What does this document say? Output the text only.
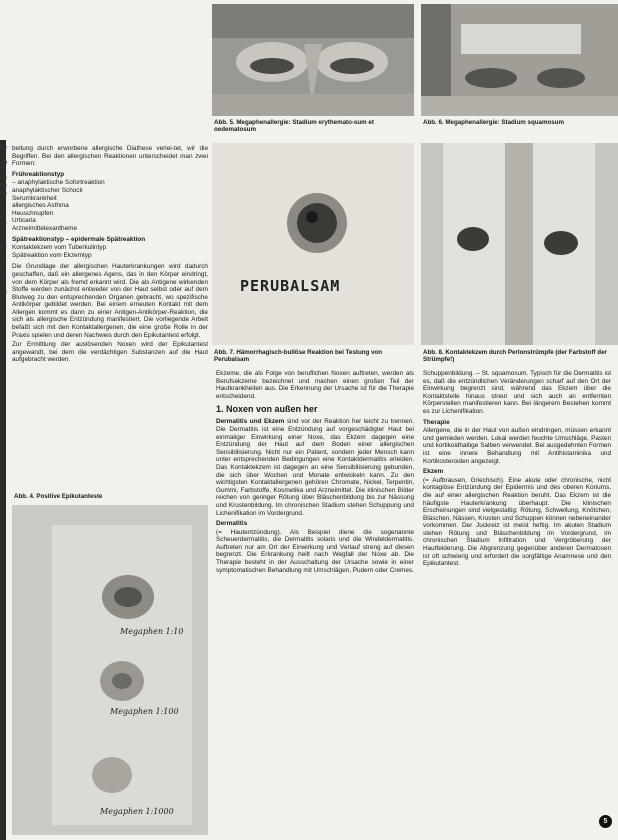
ße
ih
Ab
ie
ha
an
en
r
re
n
he
st
ze
ne
r
ke
n
di
ta
en
s
n
le
ei
Abb. 5. Megaphenallergie: Stadium erythemato-sum et oedematosum
Abb. 6. Megaphenallergie: Stadium squamosum
PERUBALSAM
Abb. 7. Hämorrhagisch-bullöse Reaktion bei Testung von Perubalsam
Abb. 8. Kontaktekzem durch Perlonstrümpfe (der Farbstoff der Strümpfe!)

beitung durch erworbene allergische Diathese verlei-tet, wir die Begriffen. Bei den allergischen Reaktionen unterscheidet man zwei Formen:

Frühreaktionstyp
– anaphylaktische Sofortreaktion
anaphylaktischer Schock
Serumkrankheit
allergisches Asthma
Heuschnupfen
Urticaria
Arzneimittelexantheme
Spätreaktionstyp – epidermale Spätreaktion
Kontaktekzem vom Tuberkulintyp
Spätreaktion vom Ekzemtyp

Die Grundlage der allergischen Hauterkrankungen wird dadurch geschaffen, daß ein allergenes Agens, das in den Körper eindringt, von dem Körper als fremd erkannt wird. Die als Antigene wirkenden Stoffe werden zunächst entweder von der Haut selbst oder auf dem Blutweg zu den entsprechenden Organen gebracht, wo spezifische Antikörper gebildet werden. Bei einem erneuten Kontakt mit dem Allergen kommt es dann zu einer Antigen-Antikörper-Reaktion, die sich als allergische Entzündung manifestiert. Die vorliegende Arbeit befaßt sich mit den Kontaktallergenen, die eine große Rolle in der Praxis spielen und deren Nachweis durch den Epikutantest erfolgt.

Zur Ermittlung der auslösenden Noxen wird der Epikutantest angewandt, bei dem die verdächtigen Substanzen auf die Haut aufgebracht werden.

Abb. 4. Positive Epikutanteste
Megaphen 1:10
Megaphen 1:100
Megaphen 1:1000

Ekzeme, die als Folge von beruflichen Noxen auftreten, werden als Berufsekzeme bezeichnet und machen einen großen Teil der Hautkrankheiten aus. Die Erkennung der Ursache ist für die Therapie entscheidend.

1. Noxen von außen her

Dermatitis und Ekzem sind vor der Reaktion her leicht zu trennen. Die Dermatitis ist eine Entzündung auf vorgeschädigter Haut bei einmaliger Einwirkung einer Noxe, das Ekzem dagegen eine Entzündung der Haut auf dem Boden einer allergischen Sensibilisierung. Nicht nur ein Patient, sondern jeder Mensch kann unter entsprechenden Bedingungen eine Kontaktdermatitis erleiden. Das Kontaktekzem ist dagegen an eine Sensibilisierung gebunden, die sich über Wochen und Monate entwickeln kann. Zu den wichtigsten Kontaktallergenen gehören Chromate, Nickel, Terpentin, Gummi, Farbstoffe, Kosmetika und Arzneimittel. Die klinischen Bilder reichen von geringer Rötung über Bläschenbildung bis zur Nässung und Krustenbildung. Im chronischen Stadium stehen Schuppung und Lichenifikation im Vordergrund.

Dermatitis

(= Hautentzündung). Als Beispiel diene die sogenannte Scheuerdermatitis, die Dermatitis solaris und die Windeldermatitis. Auftreten nur am Ort der Einwirkung und Verlauf streng auf diesen begrenzt. Die Erkrankung heilt nach Wegfall der Noxe ab. Die Therapie besteht in der Ausschaltung der Ursache sowie in einer symptomatischen Behandlung mit Umschlägen, Pudern oder Cremes.

Schuppenbildung. – St. squamosum. Typisch für die Dermatitis ist es, daß die entzündlichen Veränderungen scharf auf den Ort der Einwirkung begrenzt sind, während das Ekzem über die Kontaktstelle hinaus streut und sich auch an entfernten Körperstellen manifestieren kann. Bei längerem Bestehen kommt es zur Lichenifikation.

Therapie

Allergene, die in der Haut von außen eindringen, müssen erkannt und gemieden werden. Lokal werden feuchte Umschläge, Pasten und kortikoidhaltige Salben verwendet. Bei ausgedehnten Formen ist eine innere Behandlung mit Antihistaminika und Kortikosteroiden angezeigt.

Ekzem

(= Aufbrausen, Griechisch). Eine akute oder chronische, nicht kontagiöse Entzündung der Epidermis und des oberen Koriums, die auf einer allergischen Reaktion beruht. Das Ekzem ist die häufigste Hauterkrankung überhaupt. Die klinischen Erscheinungen sind vielgestaltig: Rötung, Schwellung, Knötchen, Bläschen, Nässen, Krusten und Schuppen können nebeneinander vorkommen. Der Juckreiz ist meist heftig. Im akuten Stadium stehen Rötung und Bläschenbildung im Vordergrund, im chronischen Stadium Infiltration und Vergröberung der Hautfelderung. Die Abgrenzung gegenüber anderen Dermatosen ist oft schwierig und erfordert die sorgfältige Anamnese und den Epikutantest.

5
